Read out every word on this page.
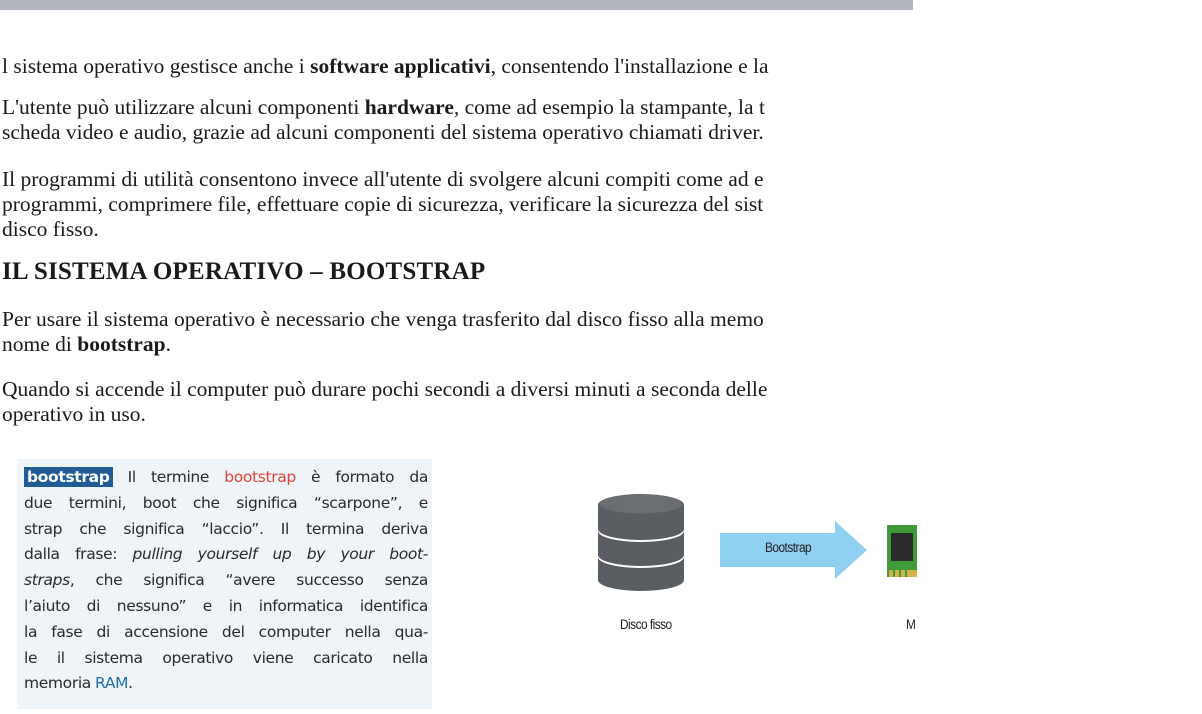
l sistema operativo gestisce anche i software applicativi, consentendo l'installazione e la

L'utente può utilizzare alcuni componenti hardware, come ad esempio la stampante, la t
scheda video e audio, grazie ad alcuni componenti del sistema operativo chiamati driver.

Il programmi di utilità consentono invece all'utente di svolgere alcuni compiti come ad e
programmi, comprimere file, effettuare copie di sicurezza, verificare la sicurezza del sist
disco fisso.

IL SISTEMA OPERATIVO – BOOTSTRAP

Per usare il sistema operativo è necessario che venga trasferito dal disco fisso alla memo
nome di bootstrap.

Quando si accende il computer può durare pochi secondi a diversi minuti a seconda delle
operativo in uso.

bootstrap Il termine bootstrap è formato da
due termini, boot che significa “scarpone”, e
strap che significa “laccio”. Il termina deriva
dalla frase: pulling yourself up by your boot-
straps, che significa “avere successo senza
l’aiuto di nessuno” e in informatica identifica
la fase di accensione del computer nella qua-
le il sistema operativo viene caricato nella
memoria RAM.
Bootstrap
Disco fisso	M
